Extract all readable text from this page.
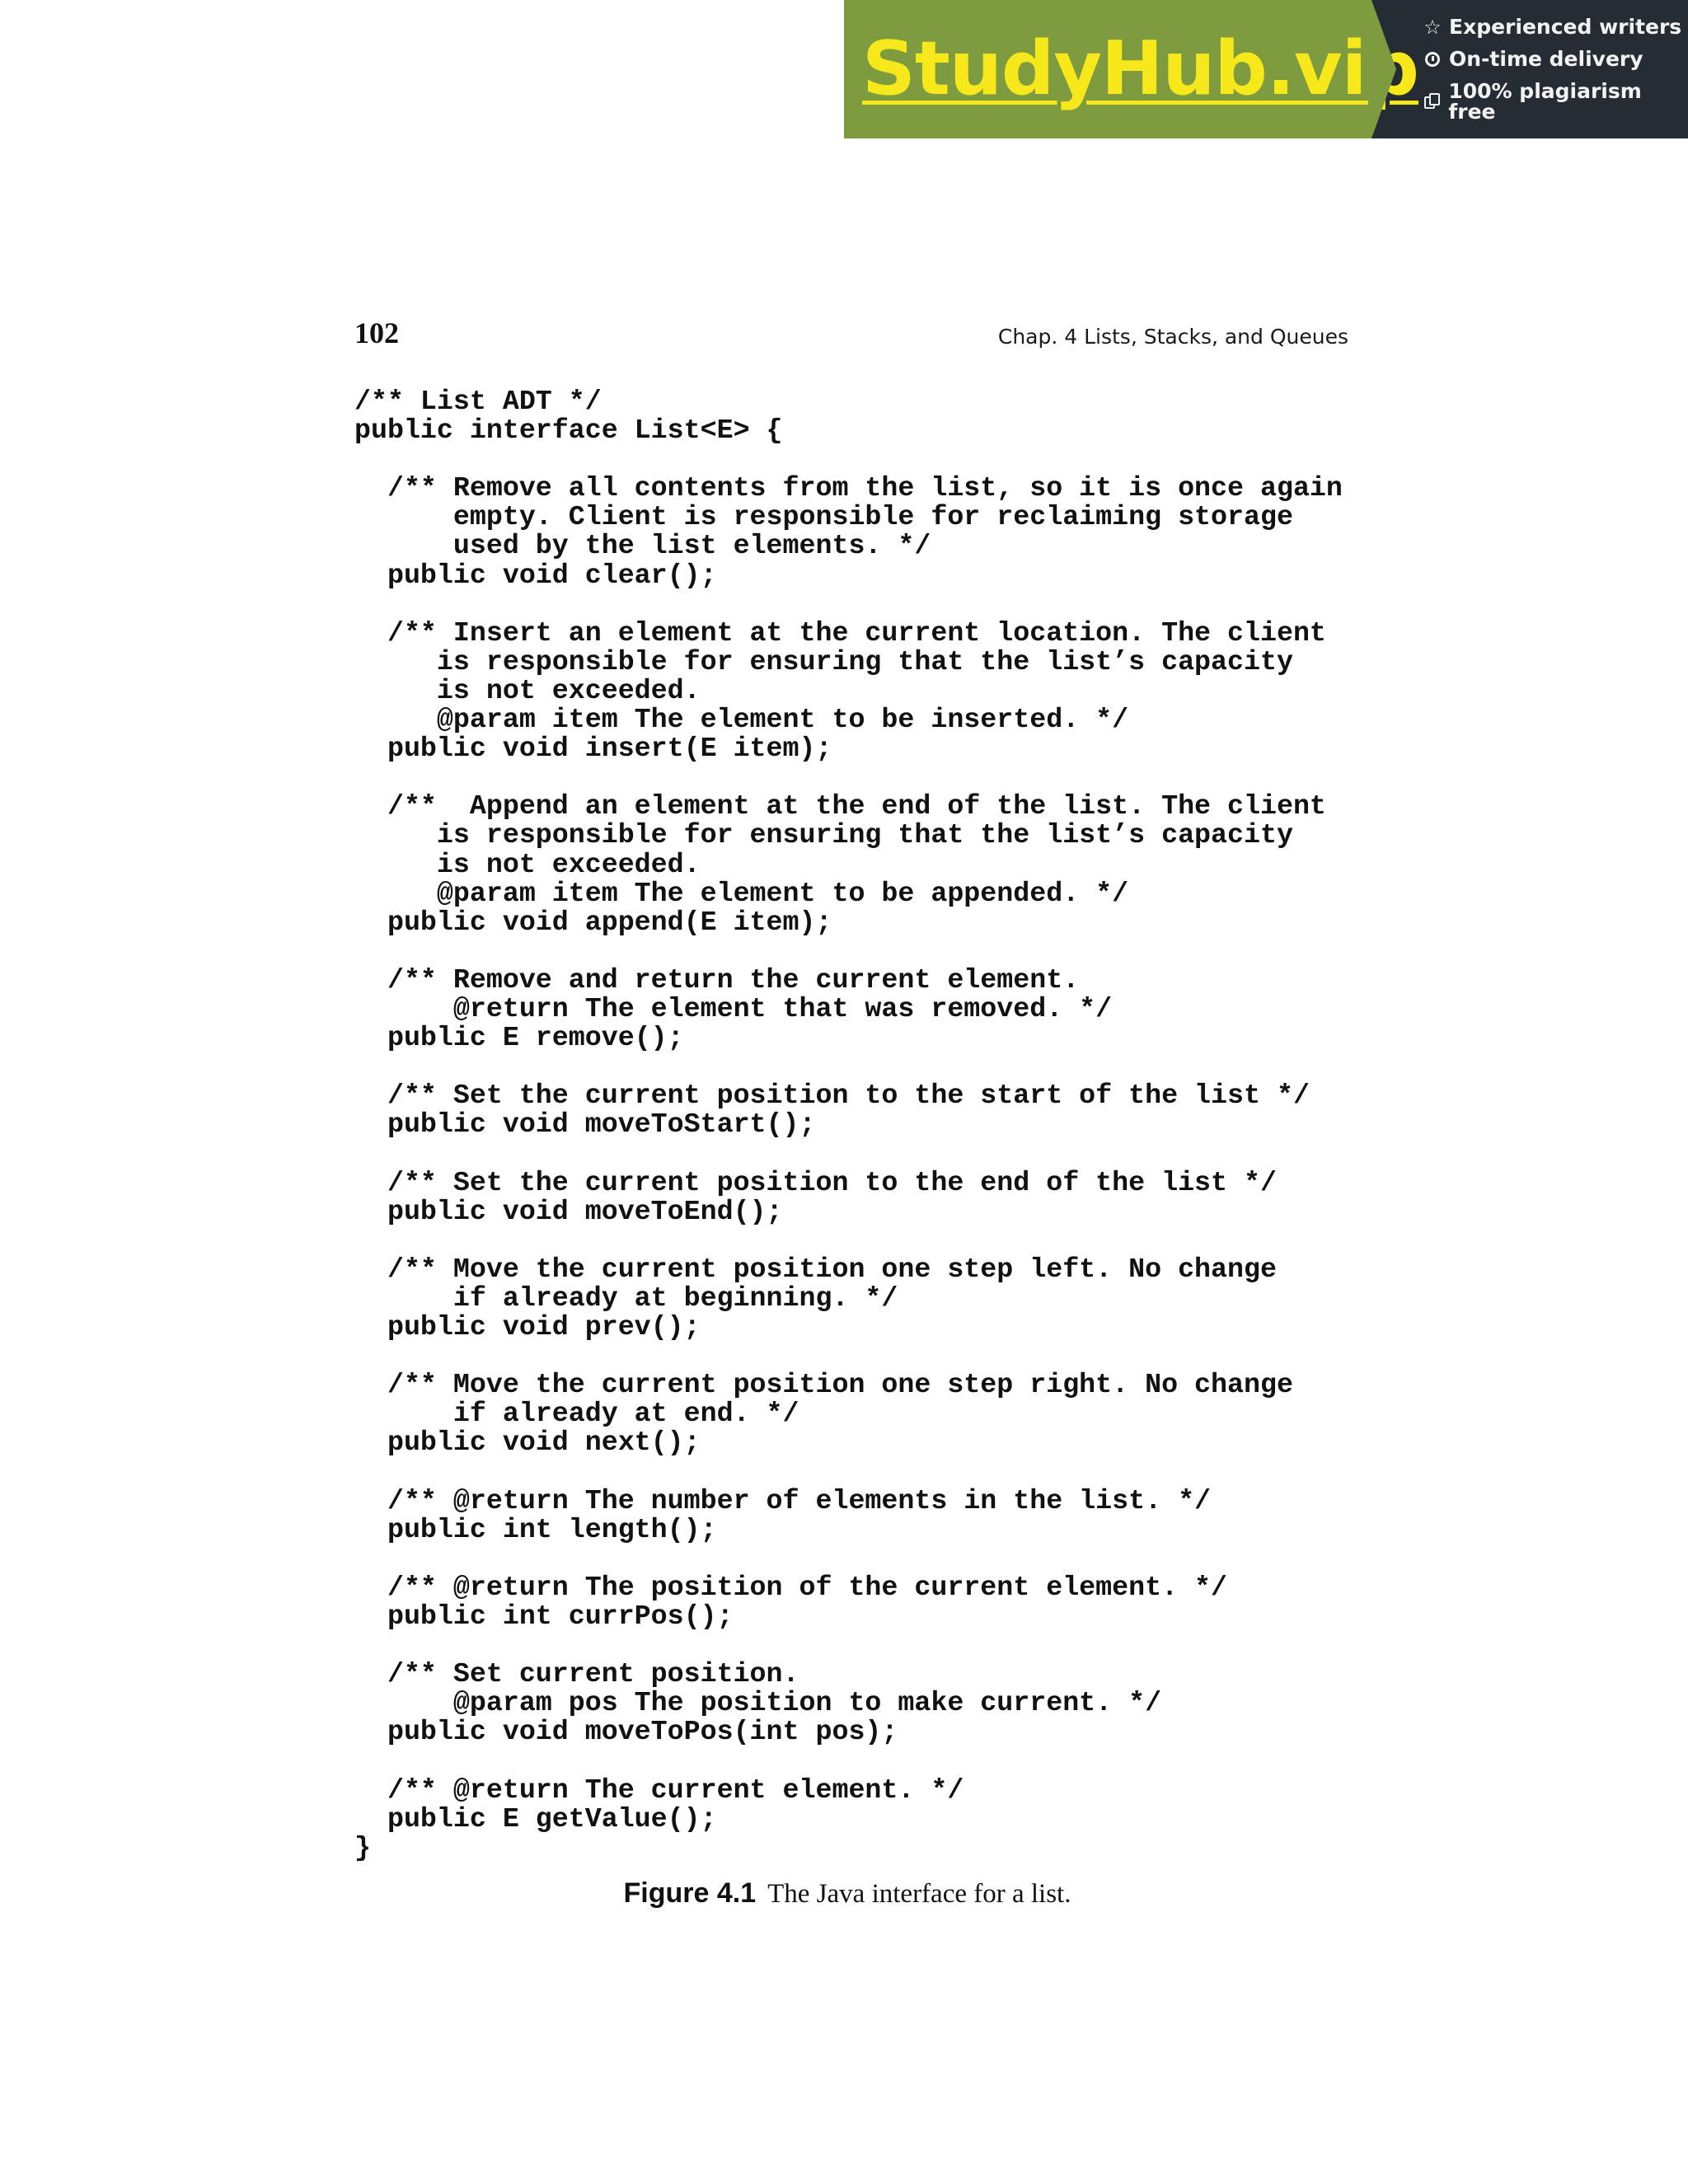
StudyHub.vip ☆ Experienced writers
On-time delivery
100% plagiarism free
102	Chap. 4 Lists, Stacks, and Queues
/** List ADT */
public interface List<E> {
/** Remove all contents from the list, so it is once again
empty. Client is responsible for reclaiming storage
used by the list elements. */
public void clear();
/** Insert an element at the current location. The client
is responsible for ensuring that the list’s capacity
is not exceeded.
@param item The element to be inserted. */
public void insert(E item);
/**  Append an element at the end of the list. The client
is responsible for ensuring that the list’s capacity
is not exceeded.
@param item The element to be appended. */
public void append(E item);
/** Remove and return the current element.
@return The element that was removed. */
public E remove();
/** Set the current position to the start of the list */
public void moveToStart();
/** Set the current position to the end of the list */
public void moveToEnd();
/** Move the current position one step left. No change
if already at beginning. */
public void prev();
/** Move the current position one step right. No change
if already at end. */
public void next();
/** @return The number of elements in the list. */
public int length();
/** @return The position of the current element. */
public int currPos();
/** Set current position.
@param pos The position to make current. */
public void moveToPos(int pos);
/** @return The current element. */
public E getValue();
}
Figure 4.1 The Java interface for a list.
